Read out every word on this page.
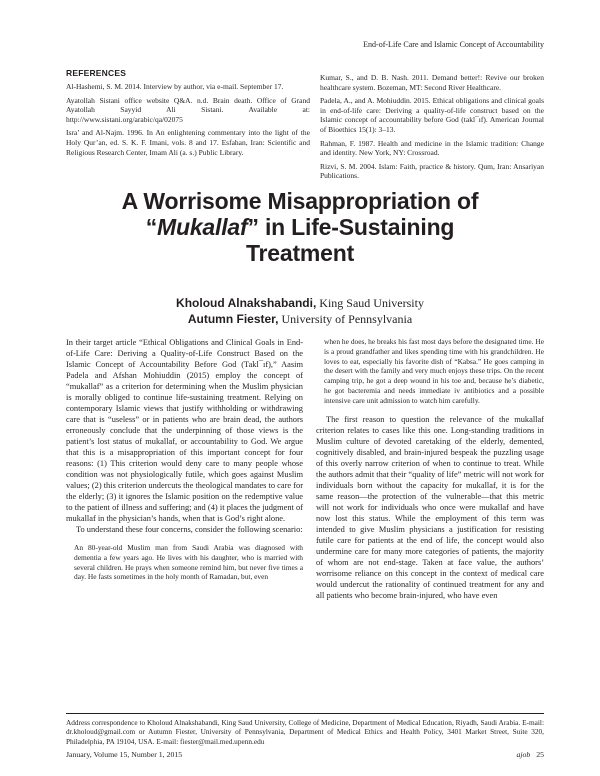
End-of-Life Care and Islamic Concept of Accountability
REFERENCES

Al-Hashemi, S. M. 2014. Interview by author, via e-mail. September 17.

Ayatollah Sistani office website Q&A. n.d. Brain death. Office of Grand Ayatollah Sayyid Ali Sistani. Available at: http://www.sistani.org/arabic/qa/02075

Isra’ and Al-Najm. 1996. In An enlightening commentary into the light of the Holy Qur’an, ed. S. K. F. Imani, vols. 8 and 17. Esfahan, Iran: Scientific and Religious Research Center, Imam Ali (a. s.) Public Library.

Kumar, S., and D. B. Nash. 2011. Demand better!: Revive our broken healthcare system. Bozeman, MT: Second River Healthcare.

Padela, A., and A. Mohiuddin. 2015. Ethical obligations and clinical goals in end-of-life care: Deriving a quality-of-life construct based on the Islamic concept of accountability before God (takl¯ıf). American Journal of Bioethics 15(1): 3–13.

Rahman, F. 1987. Health and medicine in the Islamic tradition: Change and identity. New York, NY: Crossroad.

Rizvi, S. M. 2004. Islam: Faith, practice & history. Qum, Iran: Ansariyan Publications.

A Worrisome Misappropriation of
“Mukallaf” in Life-Sustaining
Treatment
Kholoud Alnakshabandi, King Saud University
Autumn Fiester, University of Pennsylvania

In their target article “Ethical Obligations and Clinical Goals in End-of-Life Care: Deriving a Quality-of-Life Construct Based on the Islamic Concept of Accountability Before God (Takl¯ıf),” Aasim Padela and Afshan Mohiuddin (2015) employ the concept of “mukallaf” as a criterion for determining when the Muslim physician is morally obliged to continue life-sustaining treatment. Relying on contemporary Islamic views that justify withholding or withdrawing care that is “useless” or in patients who are brain dead, the authors erroneously conclude that the underpinning of those views is the patient’s lost status of mukallaf, or accountability to God. We argue that this is a misappropriation of this important concept for four reasons: (1) This criterion would deny care to many people whose condition was not physiologically futile, which goes against Muslim values; (2) this criterion undercuts the theological mandates to care for the elderly; (3) it ignores the Islamic position on the redemptive value to the patient of illness and suffering; and (4) it places the judgment of mukallaf in the physician’s hands, when that is God’s right alone.

To understand these four concerns, consider the following scenario:

An 80-year-old Muslim man from Saudi Arabia was diagnosed with dementia a few years ago. He lives with his daughter, who is married with several children. He prays when someone remind him, but never five times a day. He fasts sometimes in the holy month of Ramadan, but, even

when he does, he breaks his fast most days before the designated time. He is a proud grandfather and likes spending time with his grandchildren. He loves to eat, especially his favorite dish of “Kabsa.” He goes camping in the desert with the family and very much enjoys these trips. On the recent camping trip, he got a deep wound in his toe and, because he’s diabetic, he got bacteremia and needs immediate iv antibiotics and a possible intensive care unit admission to watch him carefully.

The first reason to question the relevance of the mukallaf criterion relates to cases like this one. Long-standing traditions in Muslim culture of devoted caretaking of the elderly, demented, cognitively disabled, and brain-injured bespeak the puzzling usage of this overly narrow criterion of when to continue to treat. While the authors admit that their “quality of life” metric will not work for individuals born without the capacity for mukallaf, it is for the same reason—the protection of the vulnerable—that this metric will not work for individuals who once were mukallaf and have now lost this status. While the employment of this term was intended to give Muslim physicians a justification for resisting futile care for patients at the end of life, the concept would also undermine care for many more categories of patients, the majority of whom are not end-stage. Taken at face value, the authors’ worrisome reliance on this concept in the context of medical care would undercut the rationality of continued treatment for any and all patients who become brain-injured, who have even

Address correspondence to Kholoud Alnakshabandi, King Saud University, College of Medicine, Department of Medical Education, Riyadh, Saudi Arabia. E-mail: dr.kholoud@gmail.com or Autumn Fiester, University of Pennsylvania, Department of Medical Ethics and Health Policy, 3401 Market Street, Suite 320, Philadelphia, PA 19104, USA. E-mail: fiester@mail.med.upenn.edu
January, Volume 15, Number 1, 2015	ajob 25
